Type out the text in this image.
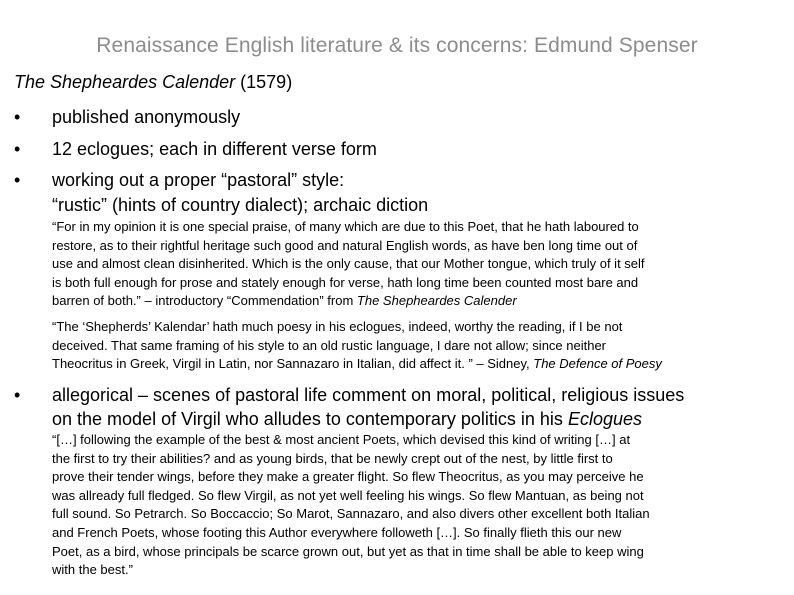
Renaissance English literature & its concerns: Edmund Spenser
The Shepheardes Calender (1579)
• published anonymously
• 12 eclogues; each in different verse form
• working out a proper “pastoral” style:
“rustic” (hints of country dialect); archaic diction
“For in my opinion it is one special praise, of many which are due to this Poet, that he hath laboured to
restore, as to their rightful heritage such good and natural English words, as have ben long time out of
use and almost clean disinherited. Which is the only cause, that our Mother tongue, which truly of it self
is both full enough for prose and stately enough for verse, hath long time been counted most bare and
barren of both.” – introductory “Commendation” from The Shepheardes Calender
“The ‘Shepherds’ Kalendar’ hath much poesy in his eclogues, indeed, worthy the reading, if I be not
deceived. That same framing of his style to an old rustic language, I dare not allow; since neither
Theocritus in Greek, Virgil in Latin, nor Sannazaro in Italian, did affect it. ” – Sidney, The Defence of Poesy
• allegorical – scenes of pastoral life comment on moral, political, religious issues
on the model of Virgil who alludes to contemporary politics in his Eclogues
“[…] following the example of the best & most ancient Poets, which devised this kind of writing […] at
the first to try their abilities? and as young birds, that be newly crept out of the nest, by little first to
prove their tender wings, before they make a greater flight. So flew Theocritus, as you may perceive he
was allready full fledged. So flew Virgil, as not yet well feeling his wings. So flew Mantuan, as being not
full sound. So Petrarch. So Boccaccio; So Marot, Sannazaro, and also divers other excellent both Italian
and French Poets, whose footing this Author everywhere followeth […]. So finally flieth this our new
Poet, as a bird, whose principals be scarce grown out, but yet as that in time shall be able to keep wing
with the best.”
